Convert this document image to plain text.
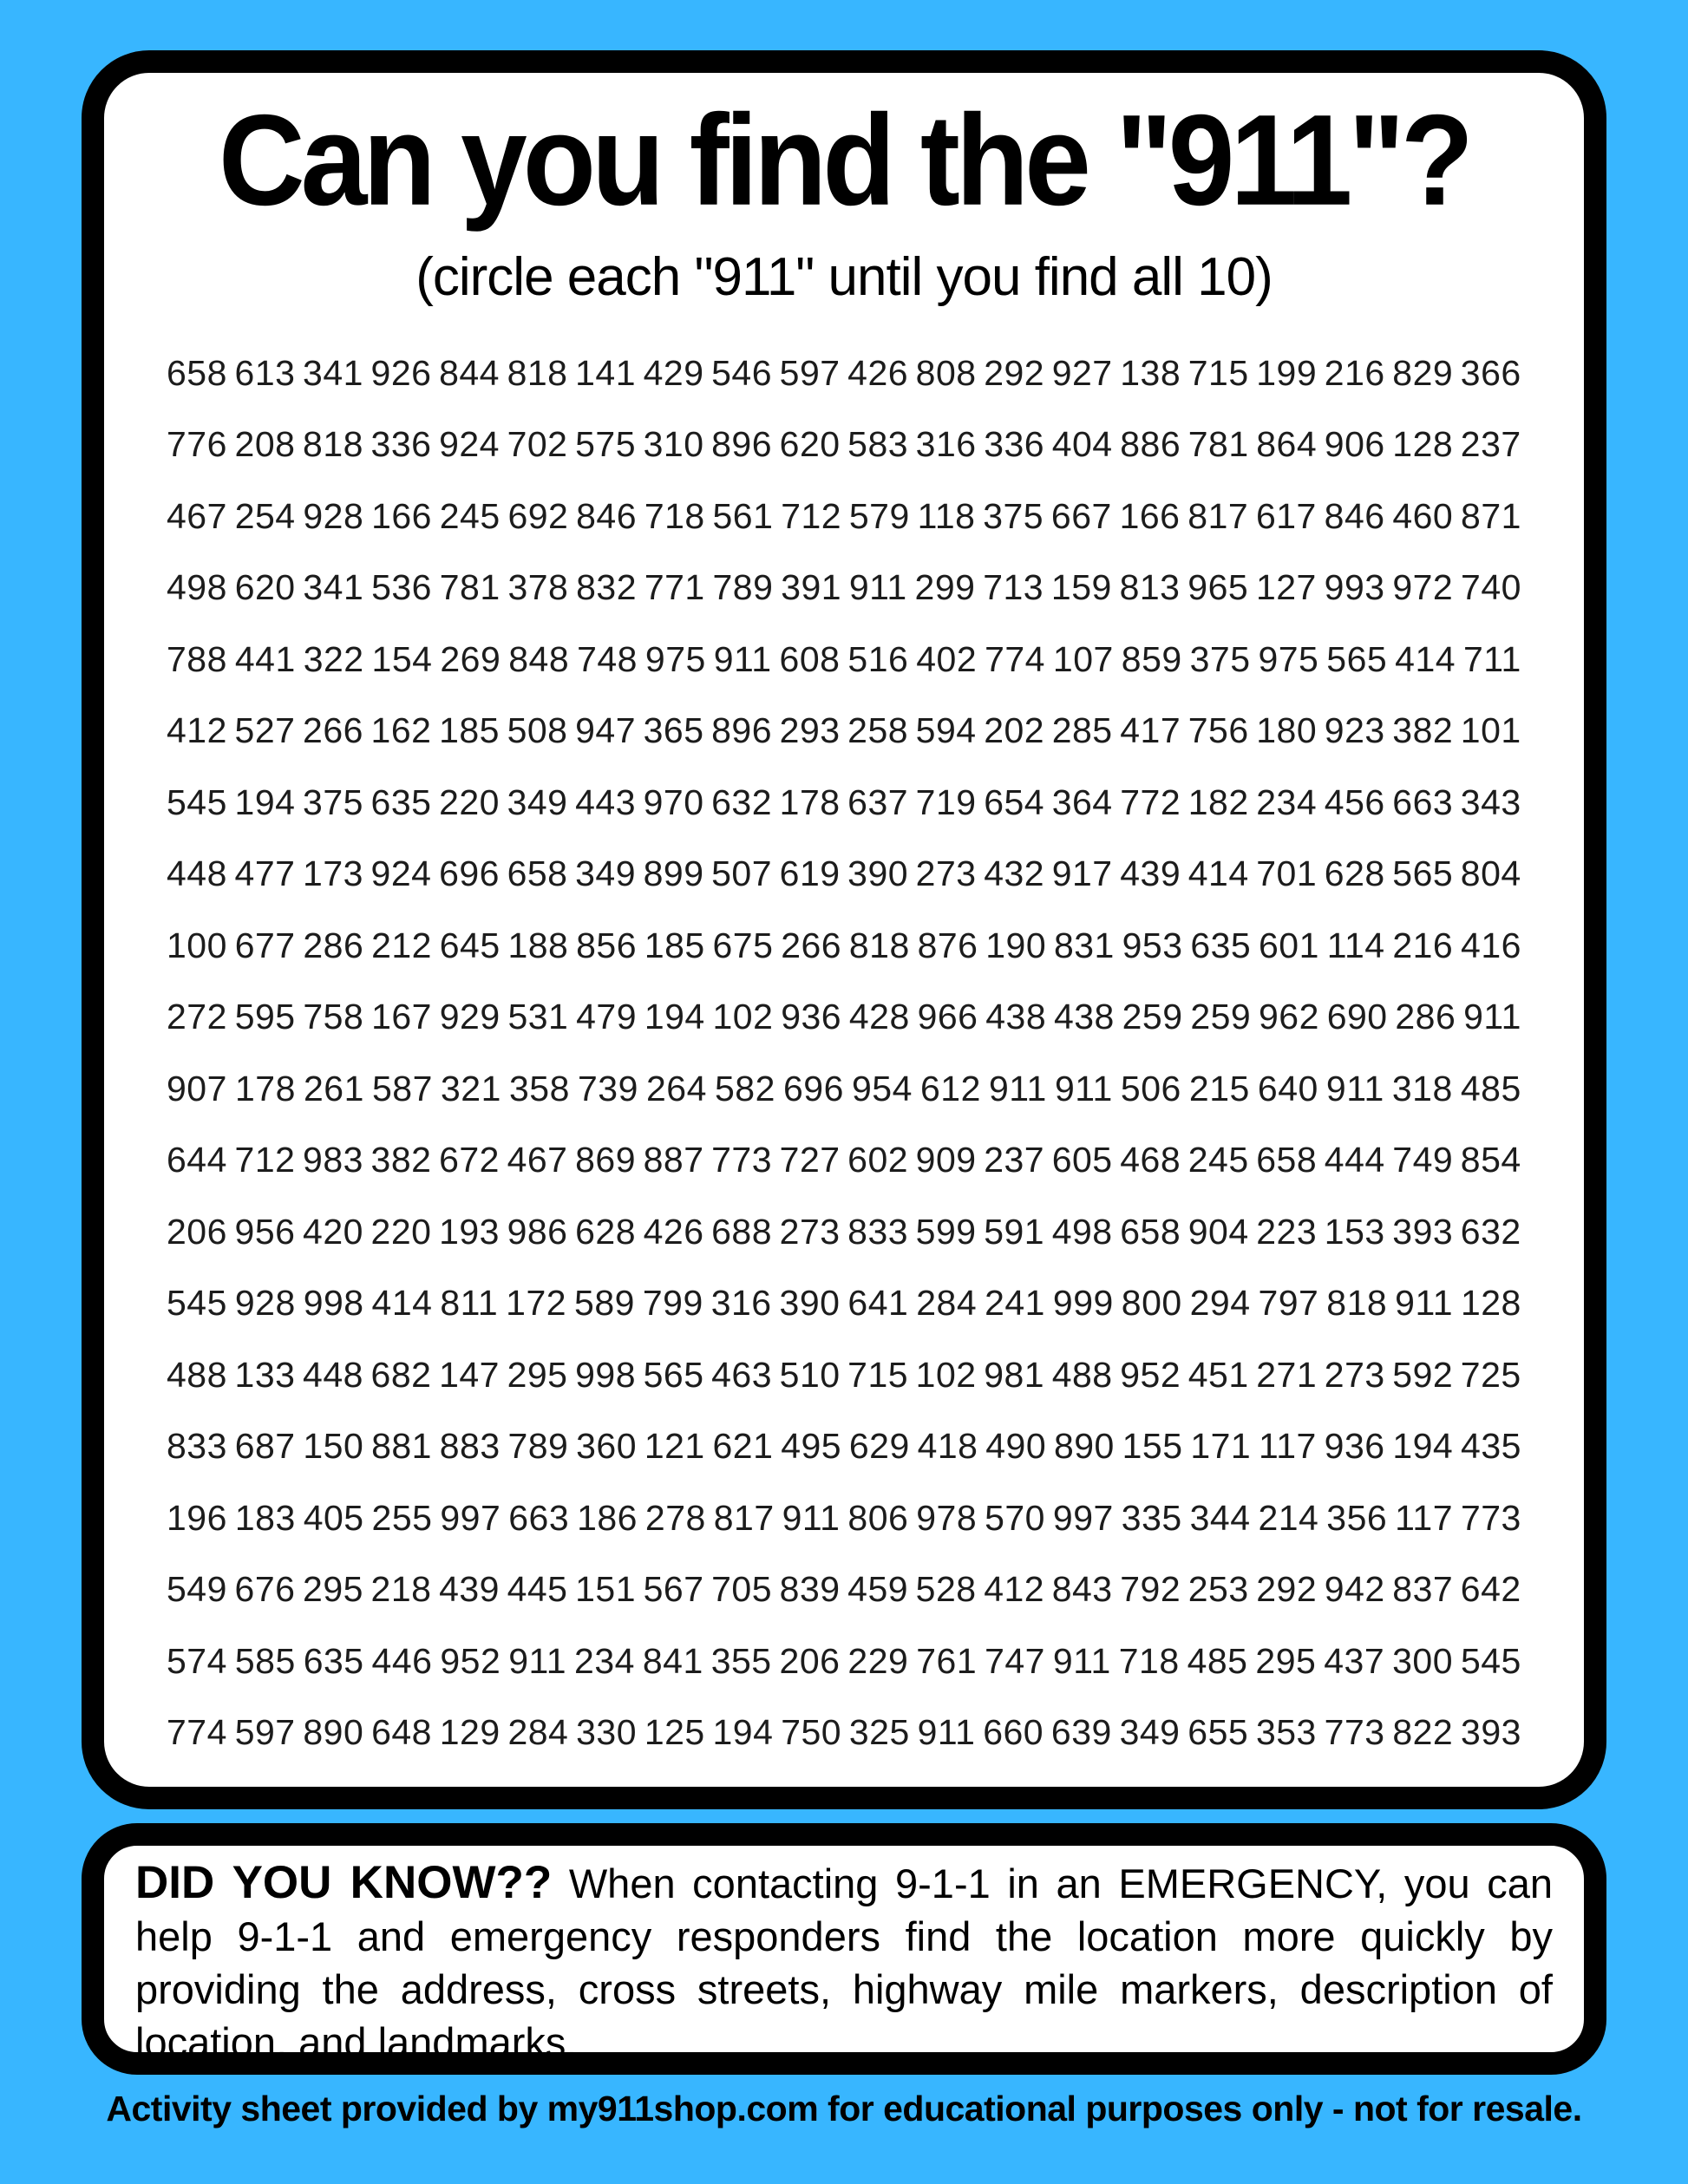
Can you find the "911"?
(circle each "911" until you find all 10)
658 613 341 926 844 818 141 429 546 597 426 808 292 927 138 715 199 216 829 366
776 208 818 336 924 702 575 310 896 620 583 316 336 404 886 781 864 906 128 237
467 254 928 166 245 692 846 718 561 712 579 118 375 667 166 817 617 846 460 871
498 620 341 536 781 378 832 771 789 391 911 299 713 159 813 965 127 993 972 740
788 441 322 154 269 848 748 975 911 608 516 402 774 107 859 375 975 565 414 711
412 527 266 162 185 508 947 365 896 293 258 594 202 285 417 756 180 923 382 101
545 194 375 635 220 349 443 970 632 178 637 719 654 364 772 182 234 456 663 343
448 477 173 924 696 658 349 899 507 619 390 273 432 917 439 414 701 628 565 804
100 677 286 212 645 188 856 185 675 266 818 876 190 831 953 635 601 114 216 416
272 595 758 167 929 531 479 194 102 936 428 966 438 438 259 259 962 690 286 911
907 178 261 587 321 358 739 264 582 696 954 612 911 911 506 215 640 911 318 485
644 712 983 382 672 467 869 887 773 727 602 909 237 605 468 245 658 444 749 854
206 956 420 220 193 986 628 426 688 273 833 599 591 498 658 904 223 153 393 632
545 928 998 414 811 172 589 799 316 390 641 284 241 999 800 294 797 818 911 128
488 133 448 682 147 295 998 565 463 510 715 102 981 488 952 451 271 273 592 725
833 687 150 881 883 789 360 121 621 495 629 418 490 890 155 171 117 936 194 435
196 183 405 255 997 663 186 278 817 911 806 978 570 997 335 344 214 356 117 773
549 676 295 218 439 445 151 567 705 839 459 528 412 843 792 253 292 942 837 642
574 585 635 446 952 911 234 841 355 206 229 761 747 911 718 485 295 437 300 545
774 597 890 648 129 284 330 125 194 750 325 911 660 639 349 655 353 773 822 393

DID YOU KNOW?? When contacting 9-1-1 in an EMERGENCY, you can help 9-1-1 and emergency responders find the location more quickly by providing the address, cross streets, highway mile markers, description of location, and landmarks.

Activity sheet provided by my911shop.com for educational purposes only - not for resale.
